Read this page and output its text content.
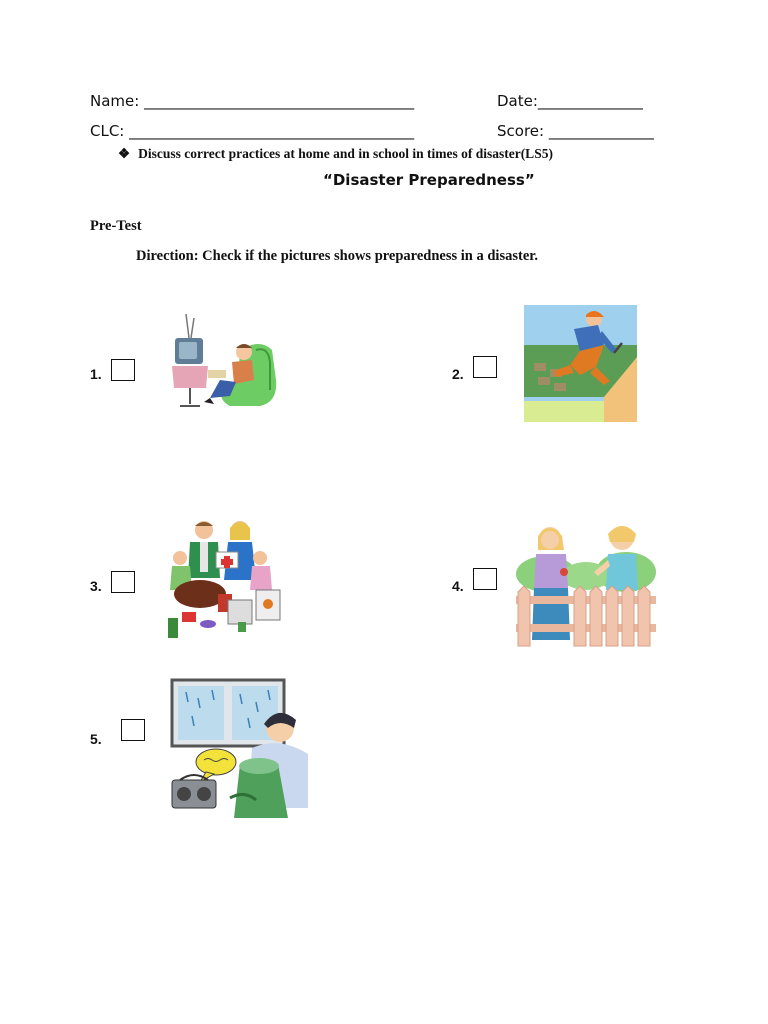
Name: ____________________________________	Date:______________
CLC: ______________________________________	Score: ______________
❖ Discuss correct practices at home and in school in times of disaster(LS5)
“Disaster Preparedness”
Pre-Test
Direction: Check if the pictures shows preparedness in a disaster.
1.	2.
3.	4.
5.
